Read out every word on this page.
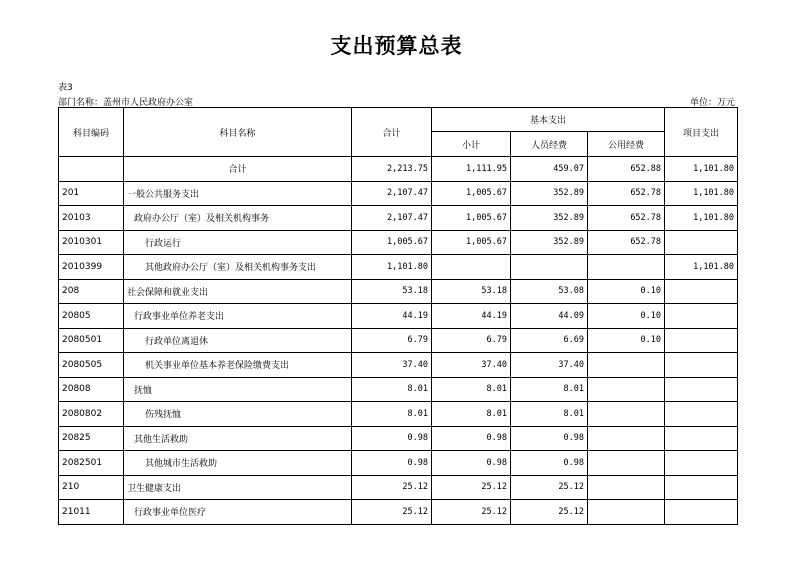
支出预算总表
表3
部门名称：盖州市人民政府办公室	单位：万元
科目编码	科目名称	合计	基本支出			项目支出
			小计	人员经费	公用经费	
	合计	2,213.75	1,111.95	459.07	652.88	1,101.80
201	一般公共服务支出	2,107.47	1,005.67	352.89	652.78	1,101.80
20103	政府办公厅（室）及相关机构事务	2,107.47	1,005.67	352.89	652.78	1,101.80
2010301	行政运行	1,005.67	1,005.67	352.89	652.78	
2010399	其他政府办公厅（室）及相关机构事务支出	1,101.80				1,101.80
208	社会保障和就业支出	53.18	53.18	53.08	0.10	
20805	行政事业单位养老支出	44.19	44.19	44.09	0.10	
2080501	行政单位离退休	6.79	6.79	6.69	0.10	
2080505	机关事业单位基本养老保险缴费支出	37.40	37.40	37.40		
20808	抚恤	8.01	8.01	8.01		
2080802	伤残抚恤	8.01	8.01	8.01		
20825	其他生活救助	0.98	0.98	0.98		
2082501	其他城市生活救助	0.98	0.98	0.98		
210	卫生健康支出	25.12	25.12	25.12		
21011	行政事业单位医疗	25.12	25.12	25.12		
